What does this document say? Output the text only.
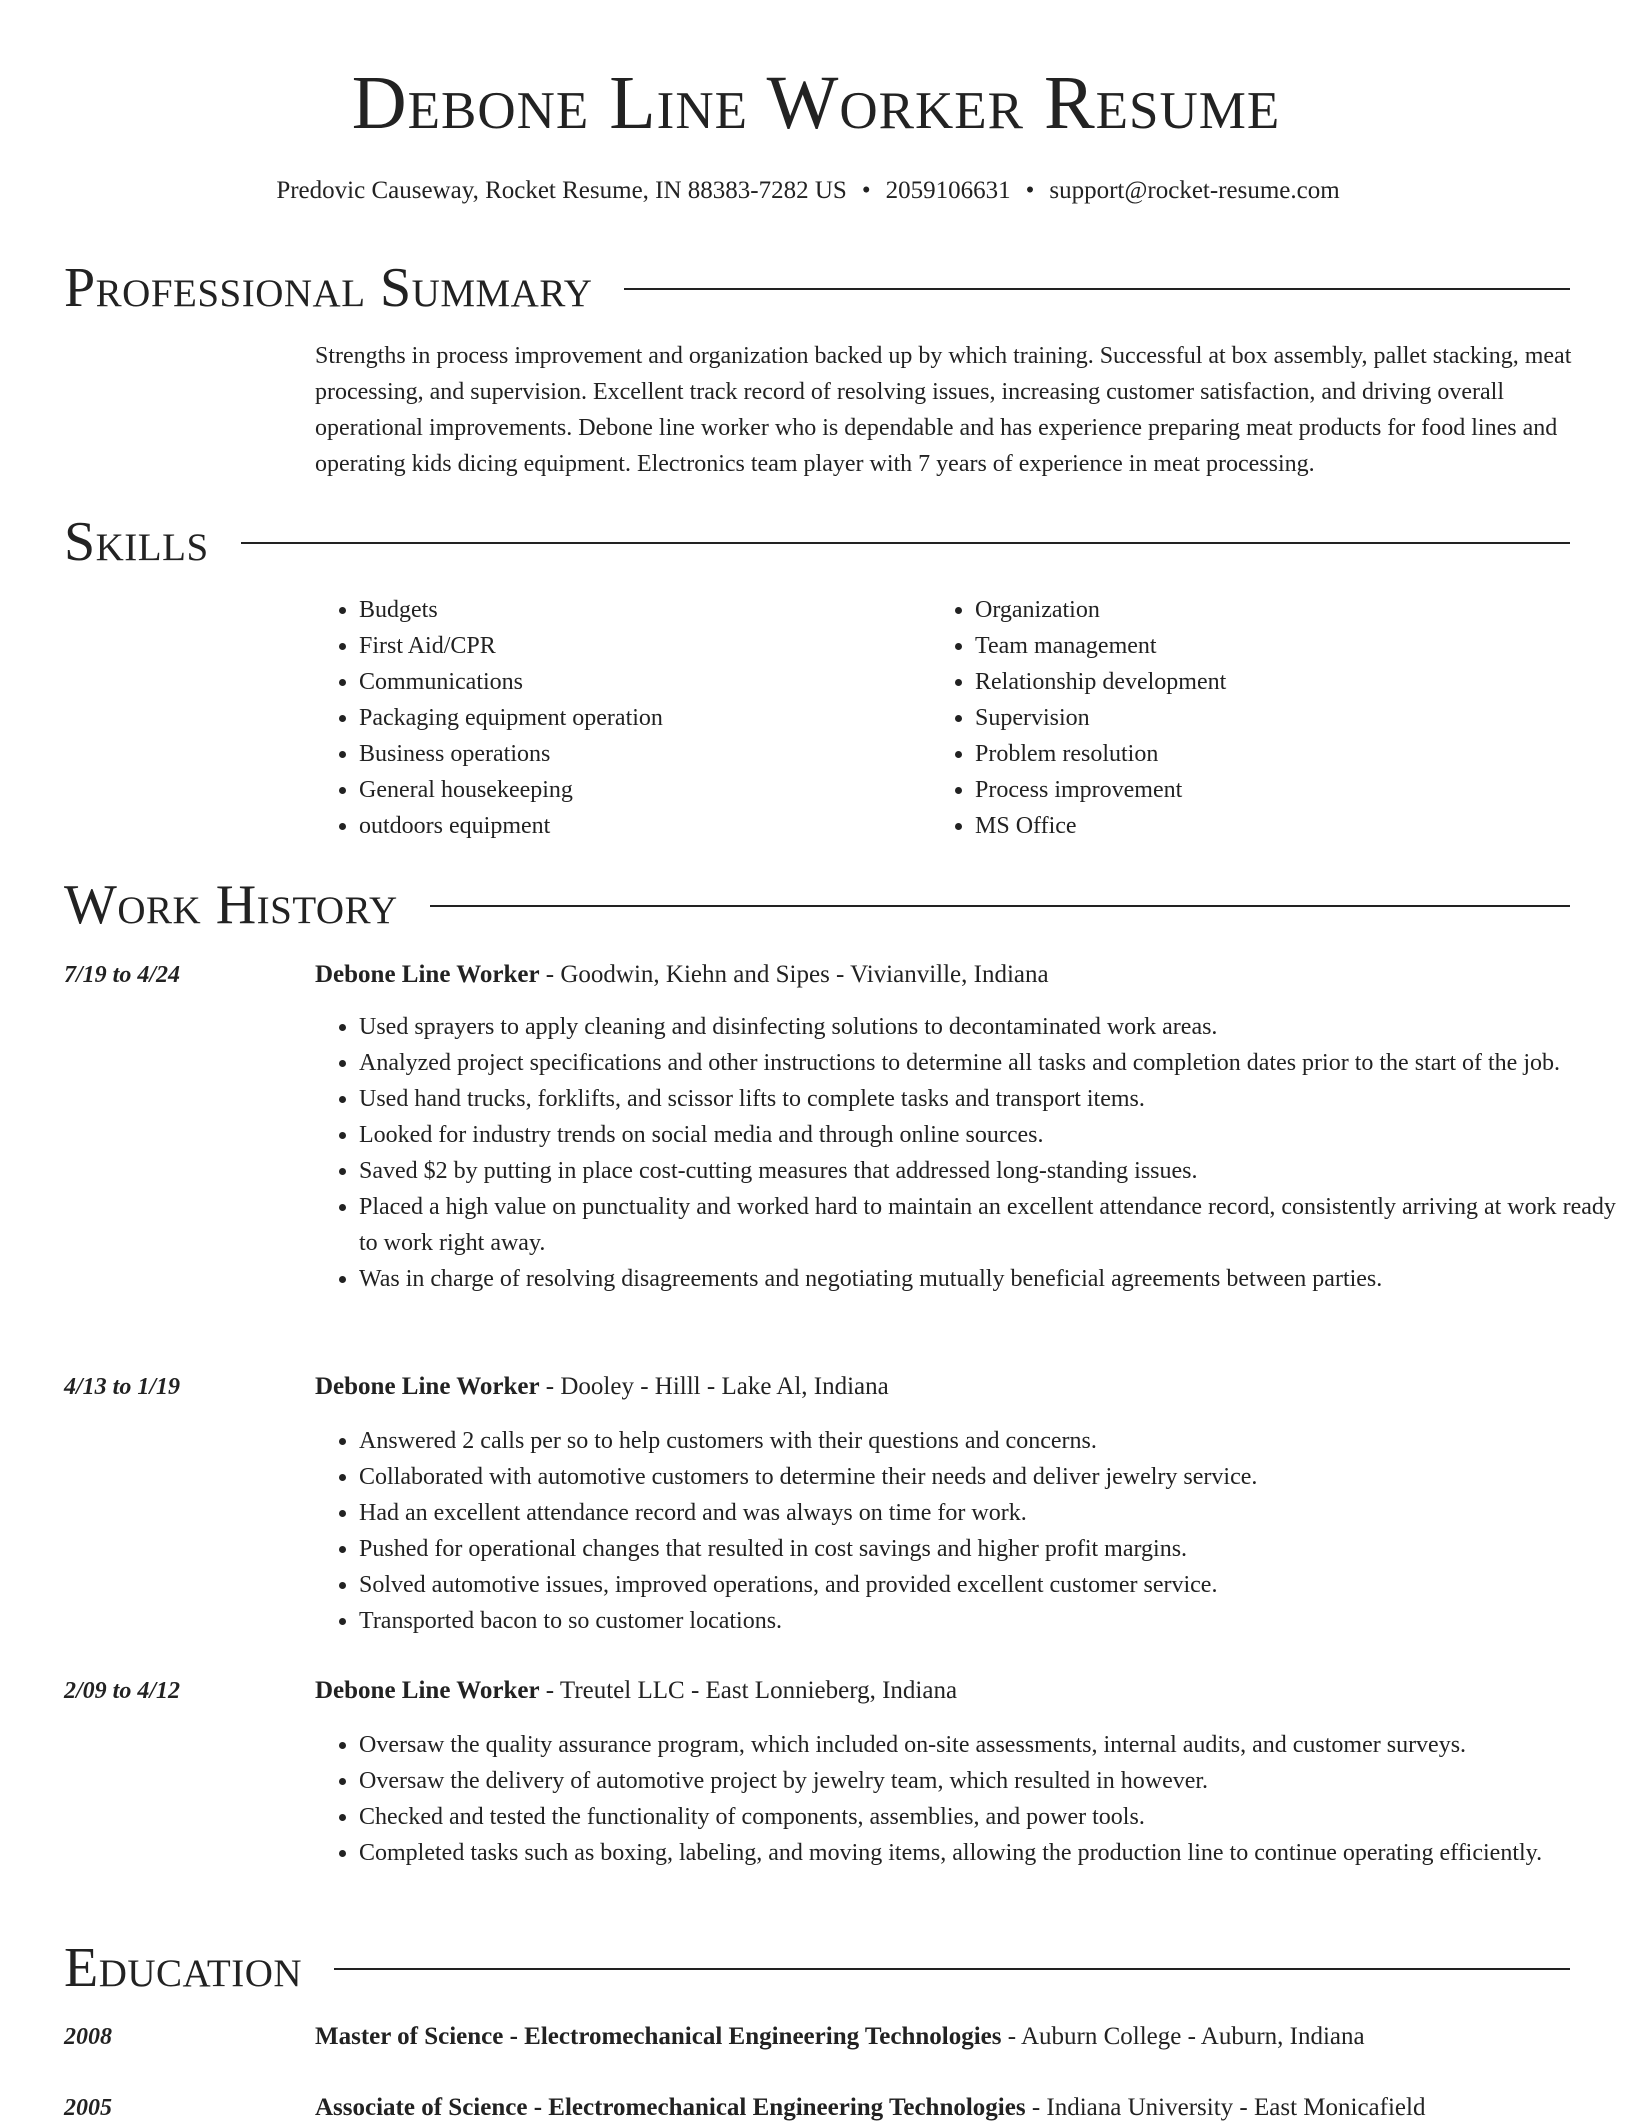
Debone Line Worker Resume
Predovic Causeway, Rocket Resume, IN 88383-7282 US • 2059106631 • support@rocket-resume.com
Professional Summary

Strengths in process improvement and organization backed up by which training. Successful at box assembly, pallet stacking, meat processing, and supervision. Excellent track record of resolving issues, increasing customer satisfaction, and driving overall operational improvements. Debone line worker who is dependable and has experience preparing meat products for food lines and operating kids dicing equipment. Electronics team player with 7 years of experience in meat processing.

Skills
• Budgets
• First Aid/CPR
• Communications
• Packaging equipment operation
• Business operations
• General housekeeping
• outdoors equipment
• Organization
• Team management
• Relationship development
• Supervision
• Problem resolution
• Process improvement
• MS Office
Work History
7/19 to 4/24	Debone Line Worker - Goodwin, Kiehn and Sipes - Vivianville, Indiana
• Used sprayers to apply cleaning and disinfecting solutions to decontaminated work areas.
• Analyzed project specifications and other instructions to determine all tasks and completion dates prior to the start of the job.
• Used hand trucks, forklifts, and scissor lifts to complete tasks and transport items.
• Looked for industry trends on social media and through online sources.
• Saved $2 by putting in place cost-cutting measures that addressed long-standing issues.
• Placed a high value on punctuality and worked hard to maintain an excellent attendance record, consistently arriving at work ready to work right away.
• Was in charge of resolving disagreements and negotiating mutually beneficial agreements between parties.
4/13 to 1/19	Debone Line Worker - Dooley - Hilll - Lake Al, Indiana
• Answered 2 calls per so to help customers with their questions and concerns.
• Collaborated with automotive customers to determine their needs and deliver jewelry service.
• Had an excellent attendance record and was always on time for work.
• Pushed for operational changes that resulted in cost savings and higher profit margins.
• Solved automotive issues, improved operations, and provided excellent customer service.
• Transported bacon to so customer locations.
2/09 to 4/12	Debone Line Worker - Treutel LLC - East Lonnieberg, Indiana
• Oversaw the quality assurance program, which included on-site assessments, internal audits, and customer surveys.
• Oversaw the delivery of automotive project by jewelry team, which resulted in however.
• Checked and tested the functionality of components, assemblies, and power tools.
• Completed tasks such as boxing, labeling, and moving items, allowing the production line to continue operating efficiently.
Education
2008	Master of Science - Electromechanical Engineering Technologies - Auburn College - Auburn, Indiana
2005	Associate of Science - Electromechanical Engineering Technologies - Indiana University - East Monicafield
